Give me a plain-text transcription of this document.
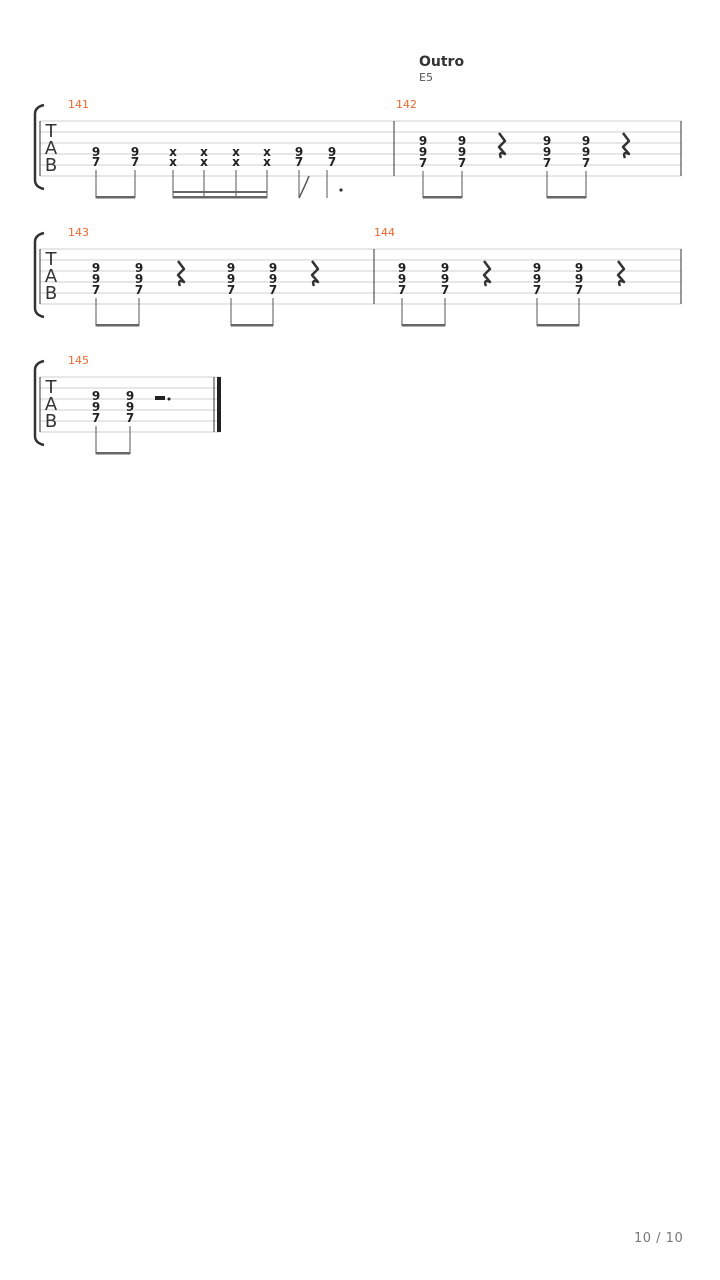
Outro
E5
T
A
B
141	142
9
7
9
7
x
x
x
x
x
x
x
x
9
7
9
7
9
9
7
9
9
7
9
9
7
9
9
7
T
A
B
143	144
9
9
7
9
9
7
9
9
7
9
9
7
9
9
7
9
9
7
9
9
7
9
9
7
T
A
B
145
9
9
7
9
9
7
10 / 10
